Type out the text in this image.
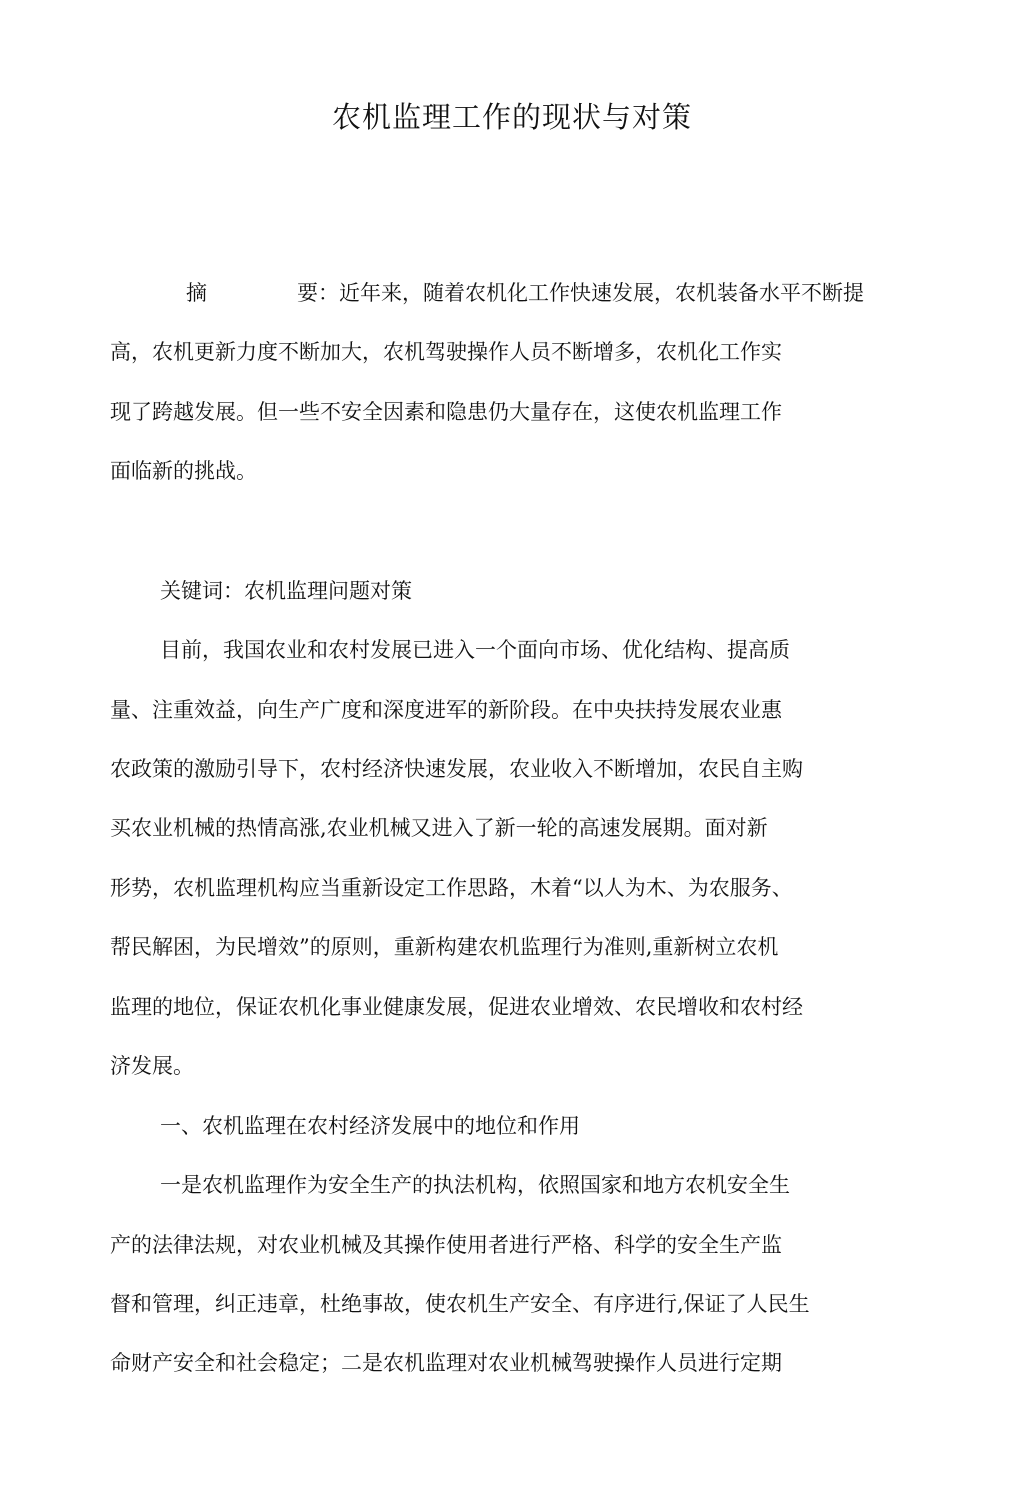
农机监理工作的现状与对策
摘	要： 近年来，随着农机化工作快速发展，农机装备水平不断提
高，农机更新力度不断加大，农机驾驶操作人员不断增多，农机化工作实
现了跨越发展。但一些不安全因素和隐患仍大量存在，这使农机监理工作
面临新的挑战。
关键词：农机监理问题对策
目前，我国农业和农村发展已进入一个面向市场、优化结构、提高质
量、注重效益，向生产广度和深度进军的新阶段。在中央扶持发展农业惠
农政策的激励引导下，农村经济快速发展，农业收入不断增加，农民自主购
买农业机械的热情高涨,农业机械又进入了新一轮的高速发展期。面对新
形势，农机监理机构应当重新设定工作思路，木着“以人为木、为农服务、
帮民解困，为民增效”的原则，重新构建农机监理行为准则,重新树立农机
监理的地位，保证农机化事业健康发展，促进农业增效、农民增收和农村经
济发展。
一、农机监理在农村经济发展中的地位和作用
一是农机监理作为安全生产的执法机构，依照国家和地方农机安全生
产的法律法规，对农业机械及其操作使用者进行严格、科学的安全生产监
督和管理，纠正违章，杜绝事故，使农机生产安全、有序进行,保证了人民生
命财产安全和社会稳定；二是农机监理对农业机械驾驶操作人员进行定期
